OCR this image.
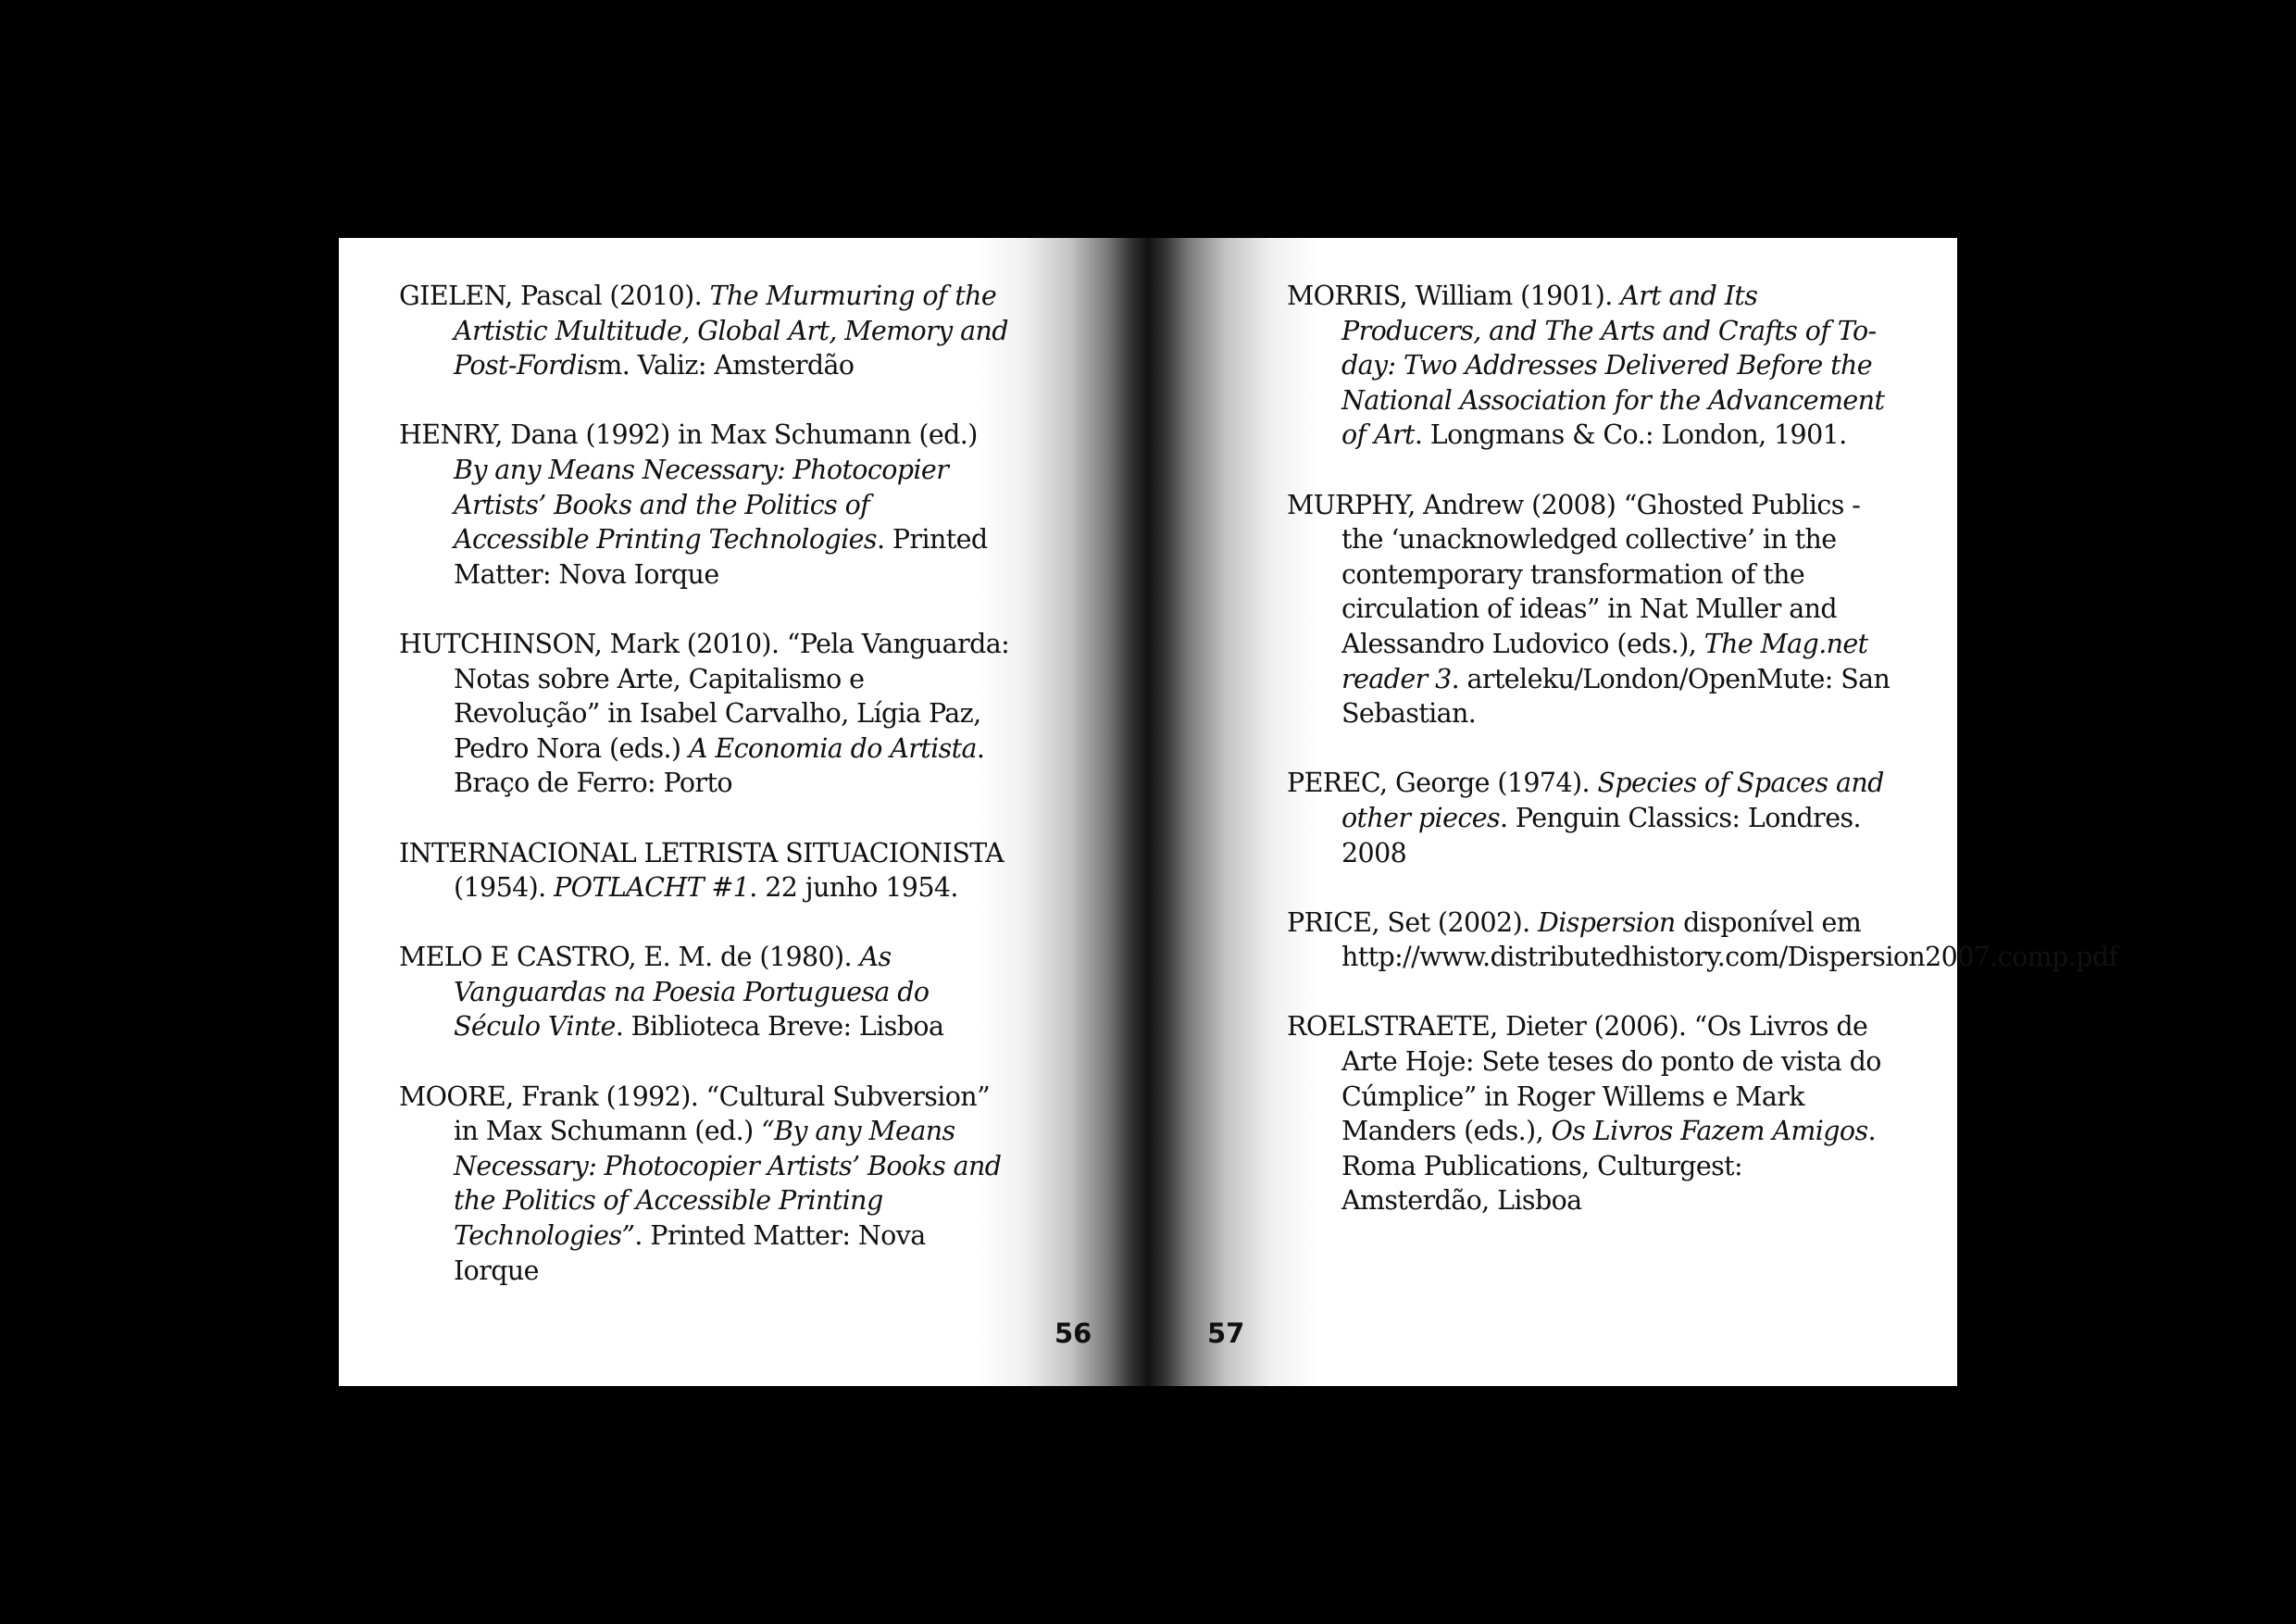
GIELEN, Pascal (2010). The Murmuring of the Artistic Multitude, Global Art, Memory and Post-Fordism. Valiz: Amsterdão

HENRY, Dana (1992) in Max Schumann (ed.) By any Means Necessary: Photocopier Artists’ Books and the Politics of Accessible Printing Technologies. Printed Matter: Nova Iorque

HUTCHINSON, Mark (2010). “Pela Vanguarda: Notas sobre Arte, Capitalismo e Revolução” in Isabel Carvalho, Lígia Paz, Pedro Nora (eds.) A Economia do Artista. Braço de Ferro: Porto

INTERNACIONAL LETRISTA SITUACIONISTA (1954). POTLACHT #1. 22 junho 1954.

MELO E CASTRO, E. M. de (1980). As Vanguardas na Poesia Portuguesa do Século Vinte. Biblioteca Breve: Lisboa

MOORE, Frank (1992). “Cultural Subversion” in Max Schumann (ed.) “By any Means Necessary: Photocopier Artists’ Books and the Politics of Accessible Printing Technologies”. Printed Matter: Nova Iorque

56

MORRIS, William (1901). Art and Its Producers, and The Arts and Crafts of To-day: Two Addresses Delivered Before the National Association for the Advancement of Art. Longmans & Co.: London, 1901.

MURPHY, Andrew (2008) “Ghosted Publics - the ‘unacknowledged collective’ in the contemporary transformation of the circulation of ideas” in Nat Muller and Alessandro Ludovico (eds.), The Mag.net reader 3. arteleku/London/OpenMute: San Sebastian.

PEREC, George (1974). Species of Spaces and other pieces. Penguin Classics: Londres. 2008

PRICE, Set (2002). Dispersion disponível em http://www.distributedhistory.com/Dispersion2007.comp.pdf

ROELSTRAETE, Dieter (2006). “Os Livros de Arte Hoje: Sete teses do ponto de vista do Cúmplice” in Roger Willems e Mark Manders (eds.), Os Livros Fazem Amigos. Roma Publications, Culturgest: Amsterdão, Lisboa

57
